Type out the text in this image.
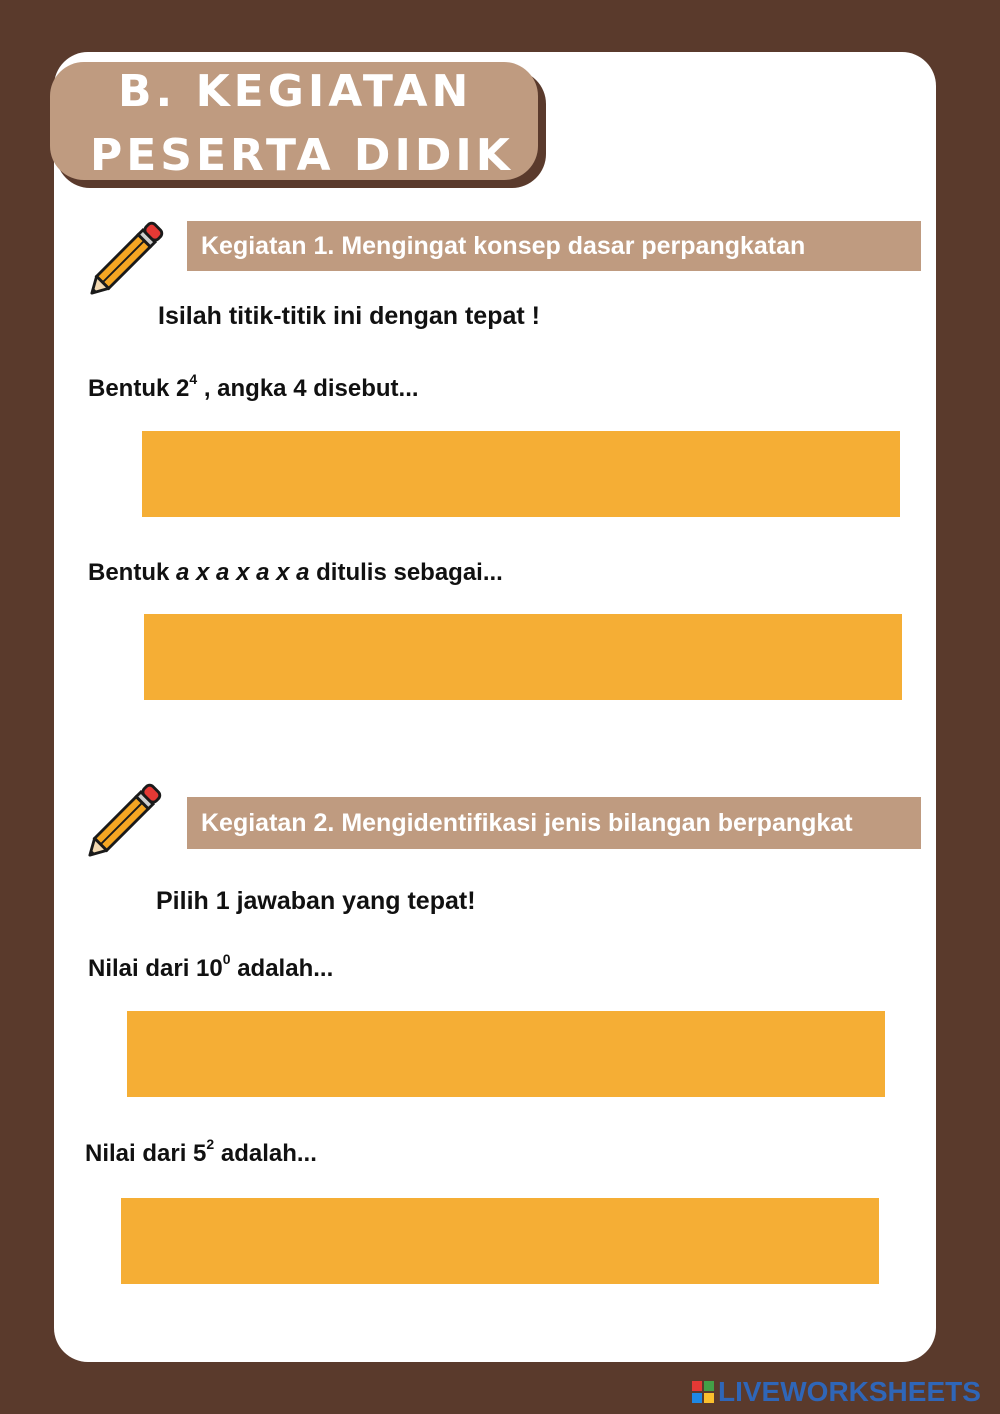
B. KEGIATAN
PESERTA DIDIK
Kegiatan 1. Mengingat konsep dasar perpangkatan
Isilah titik-titik ini dengan tepat !
Bentuk $2^4$ , angka 4 disebut...
Bentuk a x a x a x a ditulis sebagai...
Kegiatan 2. Mengidentifikasi jenis bilangan berpangkat
Pilih 1 jawaban yang tepat!
Nilai dari $10^0$ adalah...
Nilai dari $5^2$ adalah...
LIVEWORKSHEETS
